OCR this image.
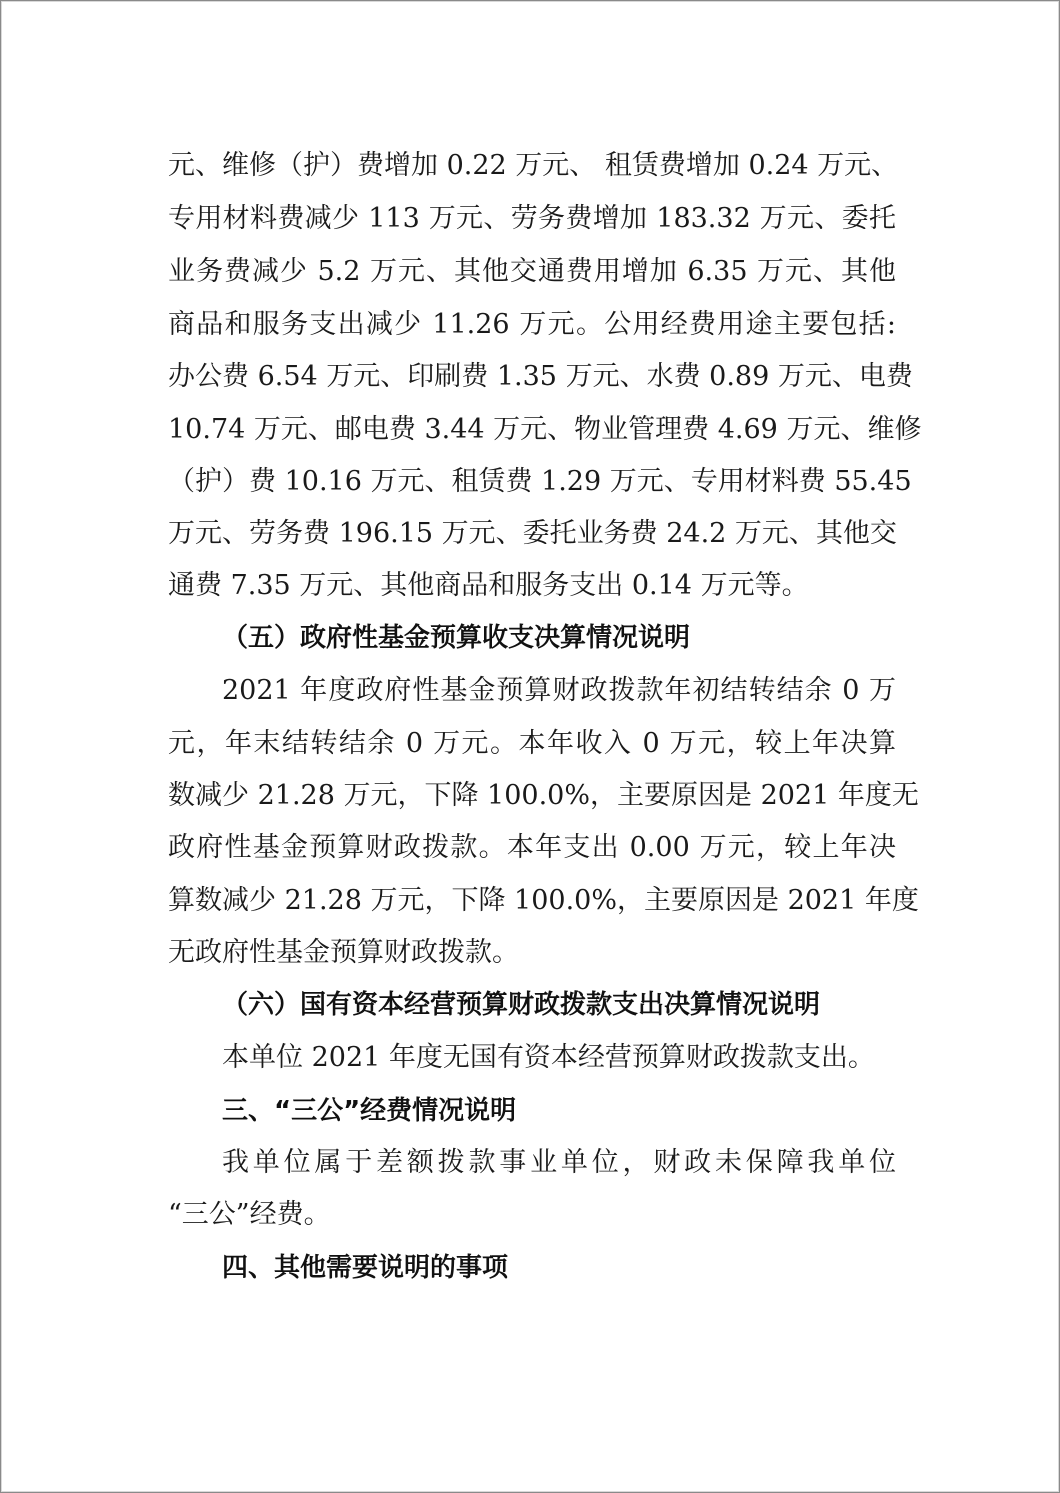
元、维修（护）费增加 0.22 万元、 租赁费增加 0.24 万元、
专用材料费减少 113 万元、劳务费增加 183.32 万元、委托
业务费减少 5.2 万元、其他交通费用增加 6.35 万元、其他
商品和服务支出减少 11.26 万元。公用经费用途主要包括:
办公费 6.54 万元、印刷费 1.35 万元、水费 0.89 万元、电费
10.74 万元、邮电费 3.44 万元、物业管理费 4.69 万元、维修
（护）费 10.16 万元、租赁费 1.29 万元、专用材料费 55.45
万元、劳务费 196.15 万元、委托业务费 24.2 万元、其他交
通费 7.35 万元、其他商品和服务支出 0.14 万元等。
（五）政府性基金预算收支决算情况说明
2021 年度政府性基金预算财政拨款年初结转结余 0 万
元，年末结转结余 0 万元。本年收入 0 万元，较上年决算
数减少 21.28 万元，下降 100.0%，主要原因是 2021 年度无
政府性基金预算财政拨款。本年支出 0.00 万元，较上年决
算数减少 21.28 万元，下降 100.0%，主要原因是 2021 年度
无政府性基金预算财政拨款。
（六）国有资本经营预算财政拨款支出决算情况说明
本单位 2021 年度无国有资本经营预算财政拨款支出。
三、“三公”经费情况说明
我单位属于差额拨款事业单位，财政未保障我单位
“三公”经费。
四、其他需要说明的事项
